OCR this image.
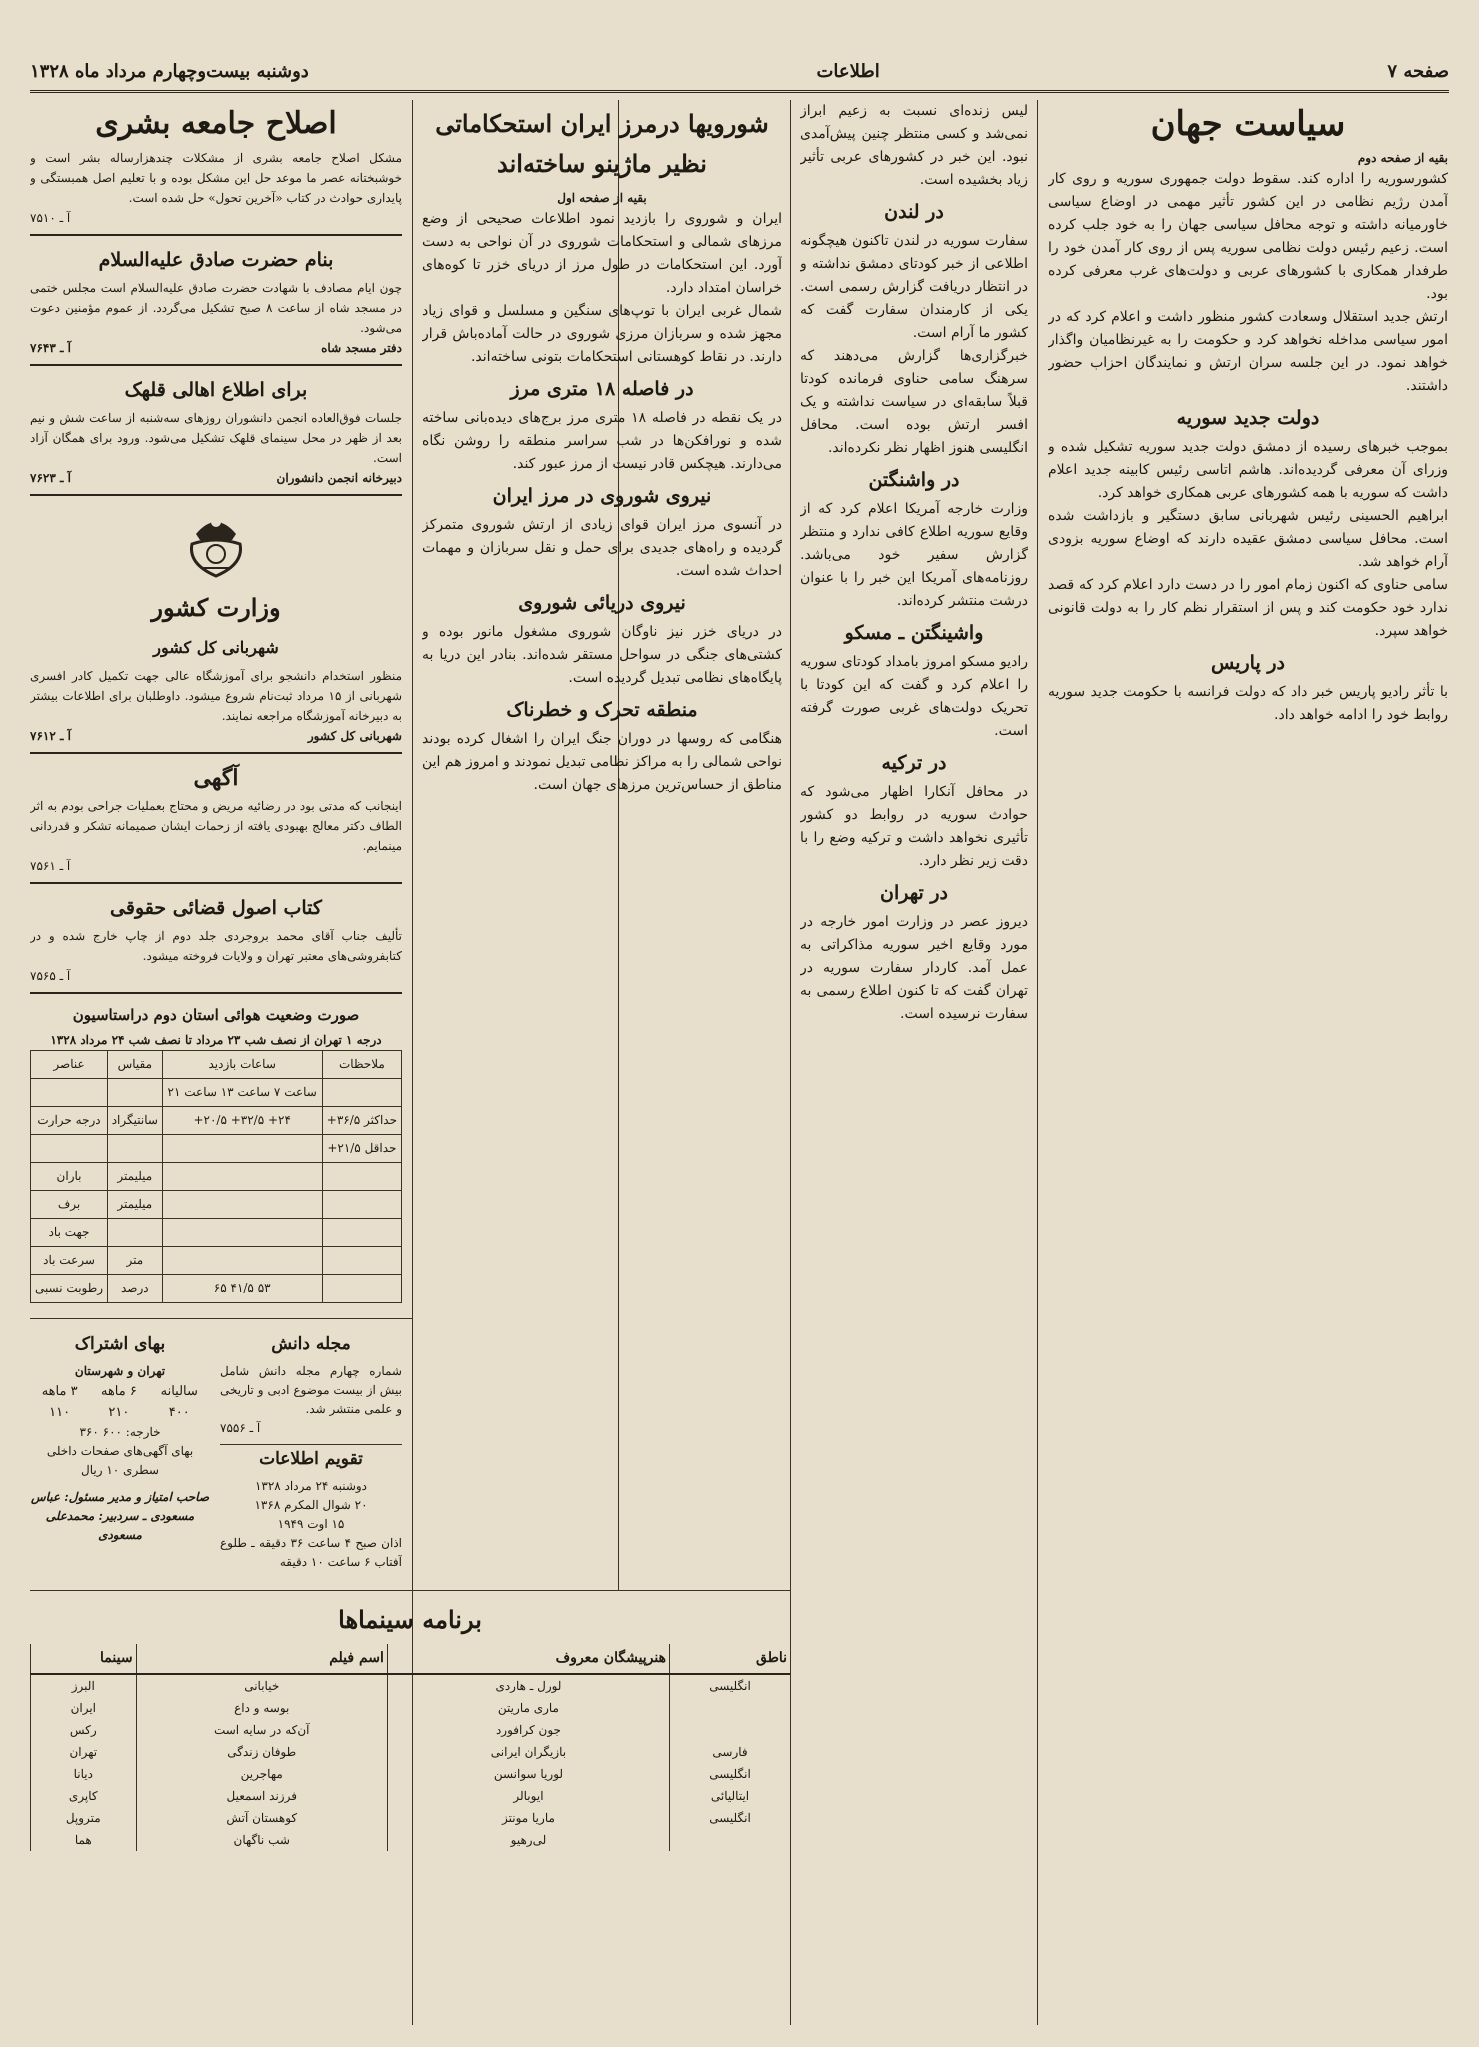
صفحه ۷
اطلاعات
دوشنبه بیست‌وچهارم مرداد ماه ۱۳۲۸
سیاست جهان

بقیه از صفحه دوم

کشورسوریه را اداره کند. سقوط دولت جمهوری سوریه و روی کار آمدن رژیم نظامی در این کشور تأثیر مهمی در اوضاع سیاسی خاورمیانه داشته و توجه محافل سیاسی جهان را به خود جلب کرده است. زعیم رئیس دولت نظامی سوریه پس از روی کار آمدن خود را طرفدار همکاری با کشورهای عربی و دولت‌های غرب معرفی کرده بود.

ارتش جدید استقلال وسعادت کشور منظور داشت و اعلام کرد که در امور سیاسی مداخله نخواهد کرد و حکومت را به غیرنظامیان واگذار خواهد نمود. در این جلسه سران ارتش و نمایندگان احزاب حضور داشتند.

دولت جدید سوریه

بموجب خبرهای رسیده از دمشق دولت جدید سوریه تشکیل شده و وزرای آن معرفی گردیده‌اند. هاشم اتاسی رئیس کابینه جدید اعلام داشت که سوریه با همه کشورهای عربی همکاری خواهد کرد.

ابراهیم الحسینی رئیس شهربانی سابق دستگیر و بازداشت شده است. محافل سیاسی دمشق عقیده دارند که اوضاع سوریه بزودی آرام خواهد شد.

سامی حناوی که اکنون زمام امور را در دست دارد اعلام کرد که قصد ندارد خود حکومت کند و پس از استقرار نظم کار را به دولت قانونی خواهد سپرد.

در پاریس

با تأثر رادیو پاریس خبر داد که دولت فرانسه با حکومت جدید سوریه روابط خود را ادامه خواهد داد.

لیس زنده‌ای نسبت به زعیم ابراز نمی‌شد و کسی منتظر چنین پیش‌آمدی نبود. این خبر در کشورهای عربی تأثیر زیاد بخشیده است.

در لندن

سفارت سوریه در لندن تاکنون هیچگونه اطلاعی از خبر کودتای دمشق نداشته و در انتظار دریافت گزارش رسمی است. یکی از کارمندان سفارت گفت که کشور ما آرام است.

خبرگزاری‌ها گزارش می‌دهند که سرهنگ سامی حناوی فرمانده کودتا قبلاً سابقه‌ای در سیاست نداشته و یک افسر ارتش بوده است. محافل انگلیسی هنوز اظهار نظر نکرده‌اند.

در واشنگتن

وزارت خارجه آمریکا اعلام کرد که از وقایع سوریه اطلاع کافی ندارد و منتظر گزارش سفیر خود می‌باشد. روزنامه‌های آمریکا این خبر را با عنوان درشت منتشر کرده‌اند.

واشینگتن ـ مسکو

رادیو مسکو امروز بامداد کودتای سوریه را اعلام کرد و گفت که این کودتا با تحریک دولت‌های غربی صورت گرفته است.

در ترکیه

در محافل آنکارا اظهار می‌شود که حوادث سوریه در روابط دو کشور تأثیری نخواهد داشت و ترکیه وضع را با دقت زیر نظر دارد.

در تهران

دیروز عصر در وزارت امور خارجه در مورد وقایع اخیر سوریه مذاکراتی به عمل آمد. کاردار سفارت سوریه در تهران گفت که تا کنون اطلاع رسمی به سفارت نرسیده است.

شورویها درمرز ایران استحکاماتی نظیر ماژینو ساخته‌اند

بقیه از صفحه اول

ایران و شوروی را بازدید نمود اطلاعات صحیحی از وضع مرزهای شمالی و استحکامات شوروی در آن نواحی به دست آورد. این استحکامات در طول مرز از دریای خزر تا کوه‌های خراسان امتداد دارد.

شمال غربی ایران با توپ‌های سنگین و مسلسل و قوای زیاد مجهز شده و سربازان مرزی شوروی در حالت آماده‌باش قرار دارند. در نقاط کوهستانی استحکامات بتونی ساخته‌اند.

در فاصله ۱۸ متری مرز

در یک نقطه در فاصله ۱۸ متری مرز برج‌های دیده‌بانی ساخته شده و نورافکن‌ها در شب سراسر منطقه را روشن نگاه می‌دارند. هیچکس قادر نیست از مرز عبور کند.

نیروی شوروی در مرز ایران

در آنسوی مرز ایران قوای زیادی از ارتش شوروی متمرکز گردیده و راه‌های جدیدی برای حمل و نقل سربازان و مهمات احداث شده است.

نیروی دریائی شوروی

در دریای خزر نیز ناوگان شوروی مشغول مانور بوده و کشتی‌های جنگی در سواحل مستقر شده‌اند. بنادر این دریا به پایگاه‌های نظامی تبدیل گردیده است.

منطقه تحرک و خطرناک

هنگامی که روسها در دوران جنگ ایران را اشغال کرده بودند نواحی شمالی را به مراکز نظامی تبدیل نمودند و امروز هم این مناطق از حساس‌ترین مرزهای جهان است.

برنامه سینماها
ناطق	هنرپیشگان معروف	اسم فیلم	سینما
انگلیسی	لورل ـ هاردی	خیابانی	البرز
	ماری ماریتن	بوسه و داع	ایران
	جون کرافورد	آن‌که در سایه است	رکس
فارسی	بازیگران ایرانی	طوفان زندگی	تهران
انگلیسی	لوریا سوانسن	مهاجرین	دیانا
ایتالیائی	ایوبالر	فرزند اسمعیل	کاپری
انگلیسی	ماریا مونتز	کوهستان آتش	متروپل
	لی‌رهیو	شب ناگهان	هما
اصلاح جامعه بشری

مشکل اصلاح جامعه بشری از مشکلات چندهزارساله بشر است و خوشبختانه عصر ما موعد حل این مشکل بوده و با تعلیم اصل همبستگی و پایداری حوادث در کتاب «آخرین تحول» حل شده است.

آ ـ ۷۵۱۰

بنام حضرت صادق علیه‌السلام

چون ایام مصادف با شهادت حضرت صادق علیه‌السلام است مجلس ختمی در مسجد شاه از ساعت ۸ صبح تشکیل می‌گردد. از عموم مؤمنین دعوت می‌شود.

دفتر مسجد شاه
آ ـ ۷۶۴۳
برای اطلاع اهالی قلهک

جلسات فوق‌العاده انجمن دانشوران روزهای سه‌شنبه از ساعت شش و نیم بعد از ظهر در محل سینمای قلهک تشکیل می‌شود. ورود برای همگان آزاد است.

دبیرخانه انجمن دانشوران
آ ـ ۷۶۲۳
وزارت کشور
شهربانی کل کشور

منظور استخدام دانشجو برای آموزشگاه عالی جهت تکمیل کادر افسری شهربانی از ۱۵ مرداد ثبت‌نام شروع میشود. داوطلبان برای اطلاعات بیشتر به دبیرخانه آموزشگاه مراجعه نمایند.

شهربانی کل کشور
آ ـ ۷۶۱۲
آگهی

اینجانب که مدتی بود در رضائیه مریض و محتاج بعملیات جراحی بودم به اثر الطاف دکتر معالج بهبودی یافته از زحمات ایشان صمیمانه تشکر و قدردانی مینمایم.

آ ـ ۷۵۶۱

کتاب اصول قضائی حقوقی

تألیف جناب آقای محمد بروجردی جلد دوم از چاپ خارج شده و در کتابفروشی‌های معتبر تهران و ولایات فروخته میشود.

آ ـ ۷۵۶۵

صورت وضعیت هوائی استان دوم دراستاسیون
درجه ۱ تهران از نصف شب ۲۳ مرداد تا نصف شب ۲۴ مرداد ۱۳۲۸
ملاحظات	ساعات بازدید	مقیاس	عناصر
	ساعت ۷ ساعت ۱۳ ساعت ۲۱		
حداکثر ۳۶/۵+	۲۴+ ۳۲/۵+ ۲۰/۵+	سانتیگراد	درجه حرارت
حداقل ۲۱/۵+			
		میلیمتر	باران
		میلیمتر	برف
			جهت باد
		متر	سرعت باد
	۵۳ ۴۱/۵ ۶۵	درصد	رطوبت نسبی
مجله دانش

شماره چهارم مجله دانش شامل بیش از بیست موضوع ادبی و تاریخی و علمی منتشر شد.

آ ـ ۷۵۵۶

تقویم اطلاعات
دوشنبه ۲۴ مرداد ۱۳۲۸
۲۰ شوال المکرم ۱۳۶۸
۱۵ اوت ۱۹۴۹

اذان صبح ۴ ساعت ۳۶ دقیقه ـ طلوع آفتاب ۶ ساعت ۱۰ دقیقه

بهای اشتراک
تهران و شهرستان
سالیانه	۶ ماهه	۳ ماهه
۴۰۰	۲۱۰	۱۱۰

خارجه: ۶۰۰ ۳۶۰

بهای آگهی‌های صفحات داخلی سطری ۱۰ ریال

صاحب امتیاز و مدیر مسئول: عباس مسعودی ـ سردبیر: محمدعلی مسعودی
